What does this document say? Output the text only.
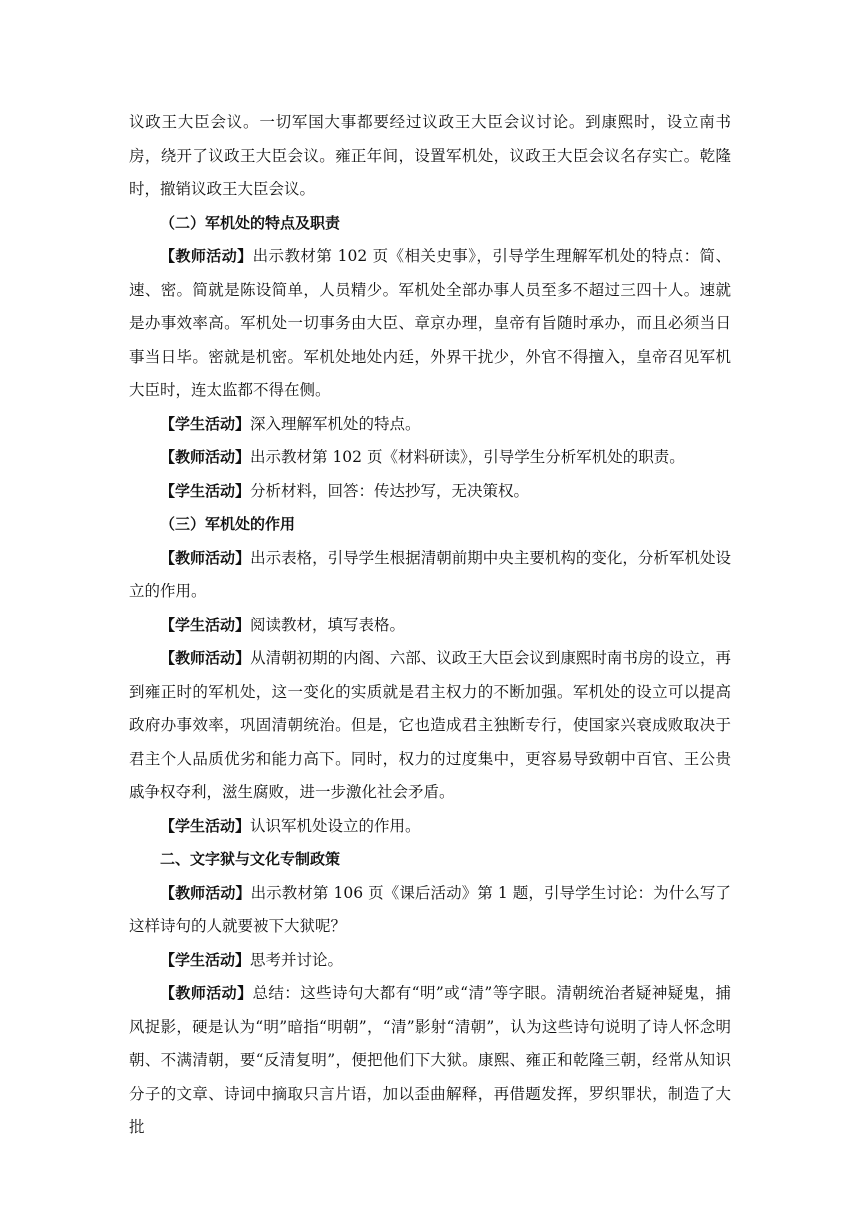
议政王大臣会议。一切军国大事都要经过议政王大臣会议讨论。到康熙时，设立南书房，绕开了议政王大臣会议。雍正年间，设置军机处，议政王大臣会议名存实亡。乾隆时，撤销议政王大臣会议。

（二）军机处的特点及职责

【教师活动】出示教材第 102 页《相关史事》，引导学生理解军机处的特点：简、速、密。简就是陈设简单，人员精少。军机处全部办事人员至多不超过三四十人。速就是办事效率高。军机处一切事务由大臣、章京办理，皇帝有旨随时承办，而且必须当日事当日毕。密就是机密。军机处地处内廷，外界干扰少，外官不得擅入，皇帝召见军机大臣时，连太监都不得在侧。

【学生活动】深入理解军机处的特点。

【教师活动】出示教材第 102 页《材料研读》，引导学生分析军机处的职责。

【学生活动】分析材料，回答：传达抄写，无决策权。

（三）军机处的作用

【教师活动】出示表格，引导学生根据清朝前期中央主要机构的变化，分析军机处设立的作用。

【学生活动】阅读教材，填写表格。

【教师活动】从清朝初期的内阁、六部、议政王大臣会议到康熙时南书房的设立，再到雍正时的军机处，这一变化的实质就是君主权力的不断加强。军机处的设立可以提高政府办事效率，巩固清朝统治。但是，它也造成君主独断专行，使国家兴衰成败取决于君主个人品质优劣和能力高下。同时，权力的过度集中，更容易导致朝中百官、王公贵戚争权夺利，滋生腐败，进一步激化社会矛盾。

【学生活动】认识军机处设立的作用。

二、文字狱与文化专制政策

【教师活动】出示教材第 106 页《课后活动》第 1 题，引导学生讨论：为什么写了这样诗句的人就要被下大狱呢？

【学生活动】思考并讨论。

【教师活动】总结：这些诗句大都有“明”或“清”等字眼。清朝统治者疑神疑鬼，捕风捉影，硬是认为“明”暗指“明朝”，“清”影射“清朝”，认为这些诗句说明了诗人怀念明朝、不满清朝，要“反清复明”，便把他们下大狱。康熙、雍正和乾隆三朝，经常从知识分子的文章、诗词中摘取只言片语，加以歪曲解释，再借题发挥，罗织罪状，制造了大批
